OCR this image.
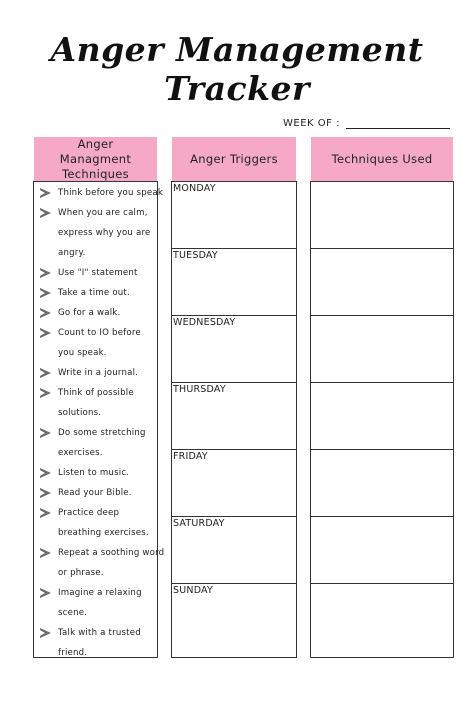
Anger Management Tracker
WEEK OF :
Anger Managment Techniques
Think before you speak
When you are calm,
express why you are
angry.
Use "I" statement
Take a time out.
Go for a walk.
Count to IO before
you speak.
Write in a journal.
Think of possible
solutions.
Do some stretching
exercises.
Listen to music.
Read your Bible.
Practice deep
breathing exercises.
Repeat a soothing word
or phrase.
Imagine a relaxing
scene.
Talk with a trusted
friend.
Anger Triggers
MONDAY
TUESDAY
WEDNESDAY
THURSDAY
FRIDAY
SATURDAY
SUNDAY
Techniques Used
